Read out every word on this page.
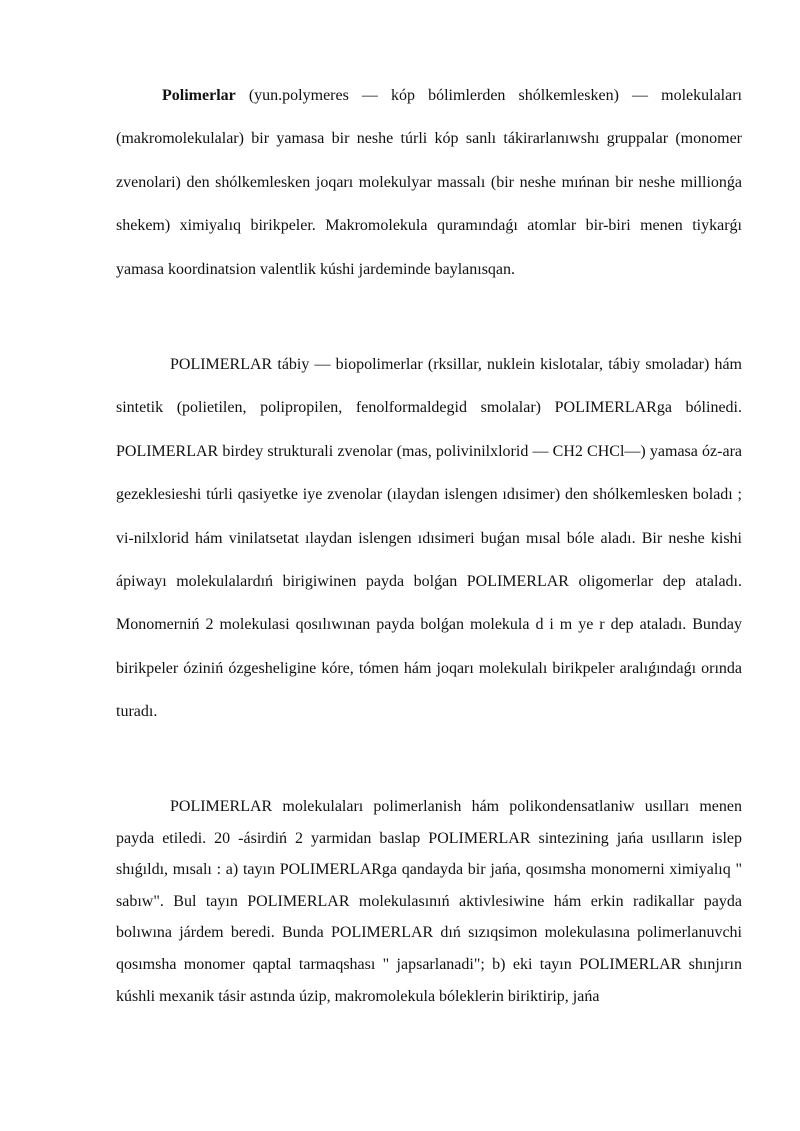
Polimerlar (yun.polymeres — kóp bólimlerden shólkemlesken) — molekulaları (makromolekulalar) bir yamasa bir neshe túrli kóp sanlı tákirarlanıwshı gruppalar (monomer zvenolari) den shólkemlesken joqarı molekulyar massalı (bir neshe mıńnan bir neshe millionǵa shekem) ximiyalıq birikpeler. Makromolekula quramındaǵı atomlar bir-biri menen tiykarǵı yamasa koordinatsion valentlik kúshi jardeminde baylanısqan.

POLIMERLAR tábiy — biopolimerlar (rksillar, nuklein kislotalar, tábiy smoladar) hám sintetik (polietilen, polipropilen, fenolformaldegid smolalar) POLIMERLARga bólinedi. POLIMERLAR birdey strukturali zvenolar (mas, polivinilxlorid — CH2 CHCl—) yamasa óz-ara gezeklesieshi túrli qasiyetke iye zvenolar (ılaydan islengen ıdısimer) den shólkemlesken boladı ; vi-nilxlorid hám vinilatsetat ılaydan islengen ıdısimeri buǵan mısal bóle aladı. Bir neshe kishi ápiwayı molekulalardıń birigiwinen payda bolǵan POLIMERLAR oligomerlar dep ataladı. Monomerniń 2 molekulasi qosılıwınan payda bolǵan molekula d i m ye r dep ataladı. Bunday birikpeler óziniń ózgesheligine kóre, tómen hám joqarı molekulalı birikpeler aralıǵındaǵı orında turadı.

POLIMERLAR molekulaları polimerlanish hám polikondensatlaniw usılları menen payda etiledi. 20 -ásirdiń 2 yarmidan baslap POLIMERLAR sintezining jańa usılların islep shıǵıldı, mısalı : a) tayın POLIMERLARga qandayda bir jańa, qosımsha monomerni ximiyalıq " sabıw". Bul tayın POLIMERLAR molekulasınıń aktivlesiwine hám erkin radikallar payda bolıwına járdem beredi. Bunda POLIMERLAR dıń sızıqsimon molekulasına polimerlanuvchi qosımsha monomer qaptal tarmaqshası " japsarlanadi"; b) eki tayın POLIMERLAR shınjırın kúshli mexanik tásir astında úzip, makromolekula bóleklerin biriktirip, jańa
